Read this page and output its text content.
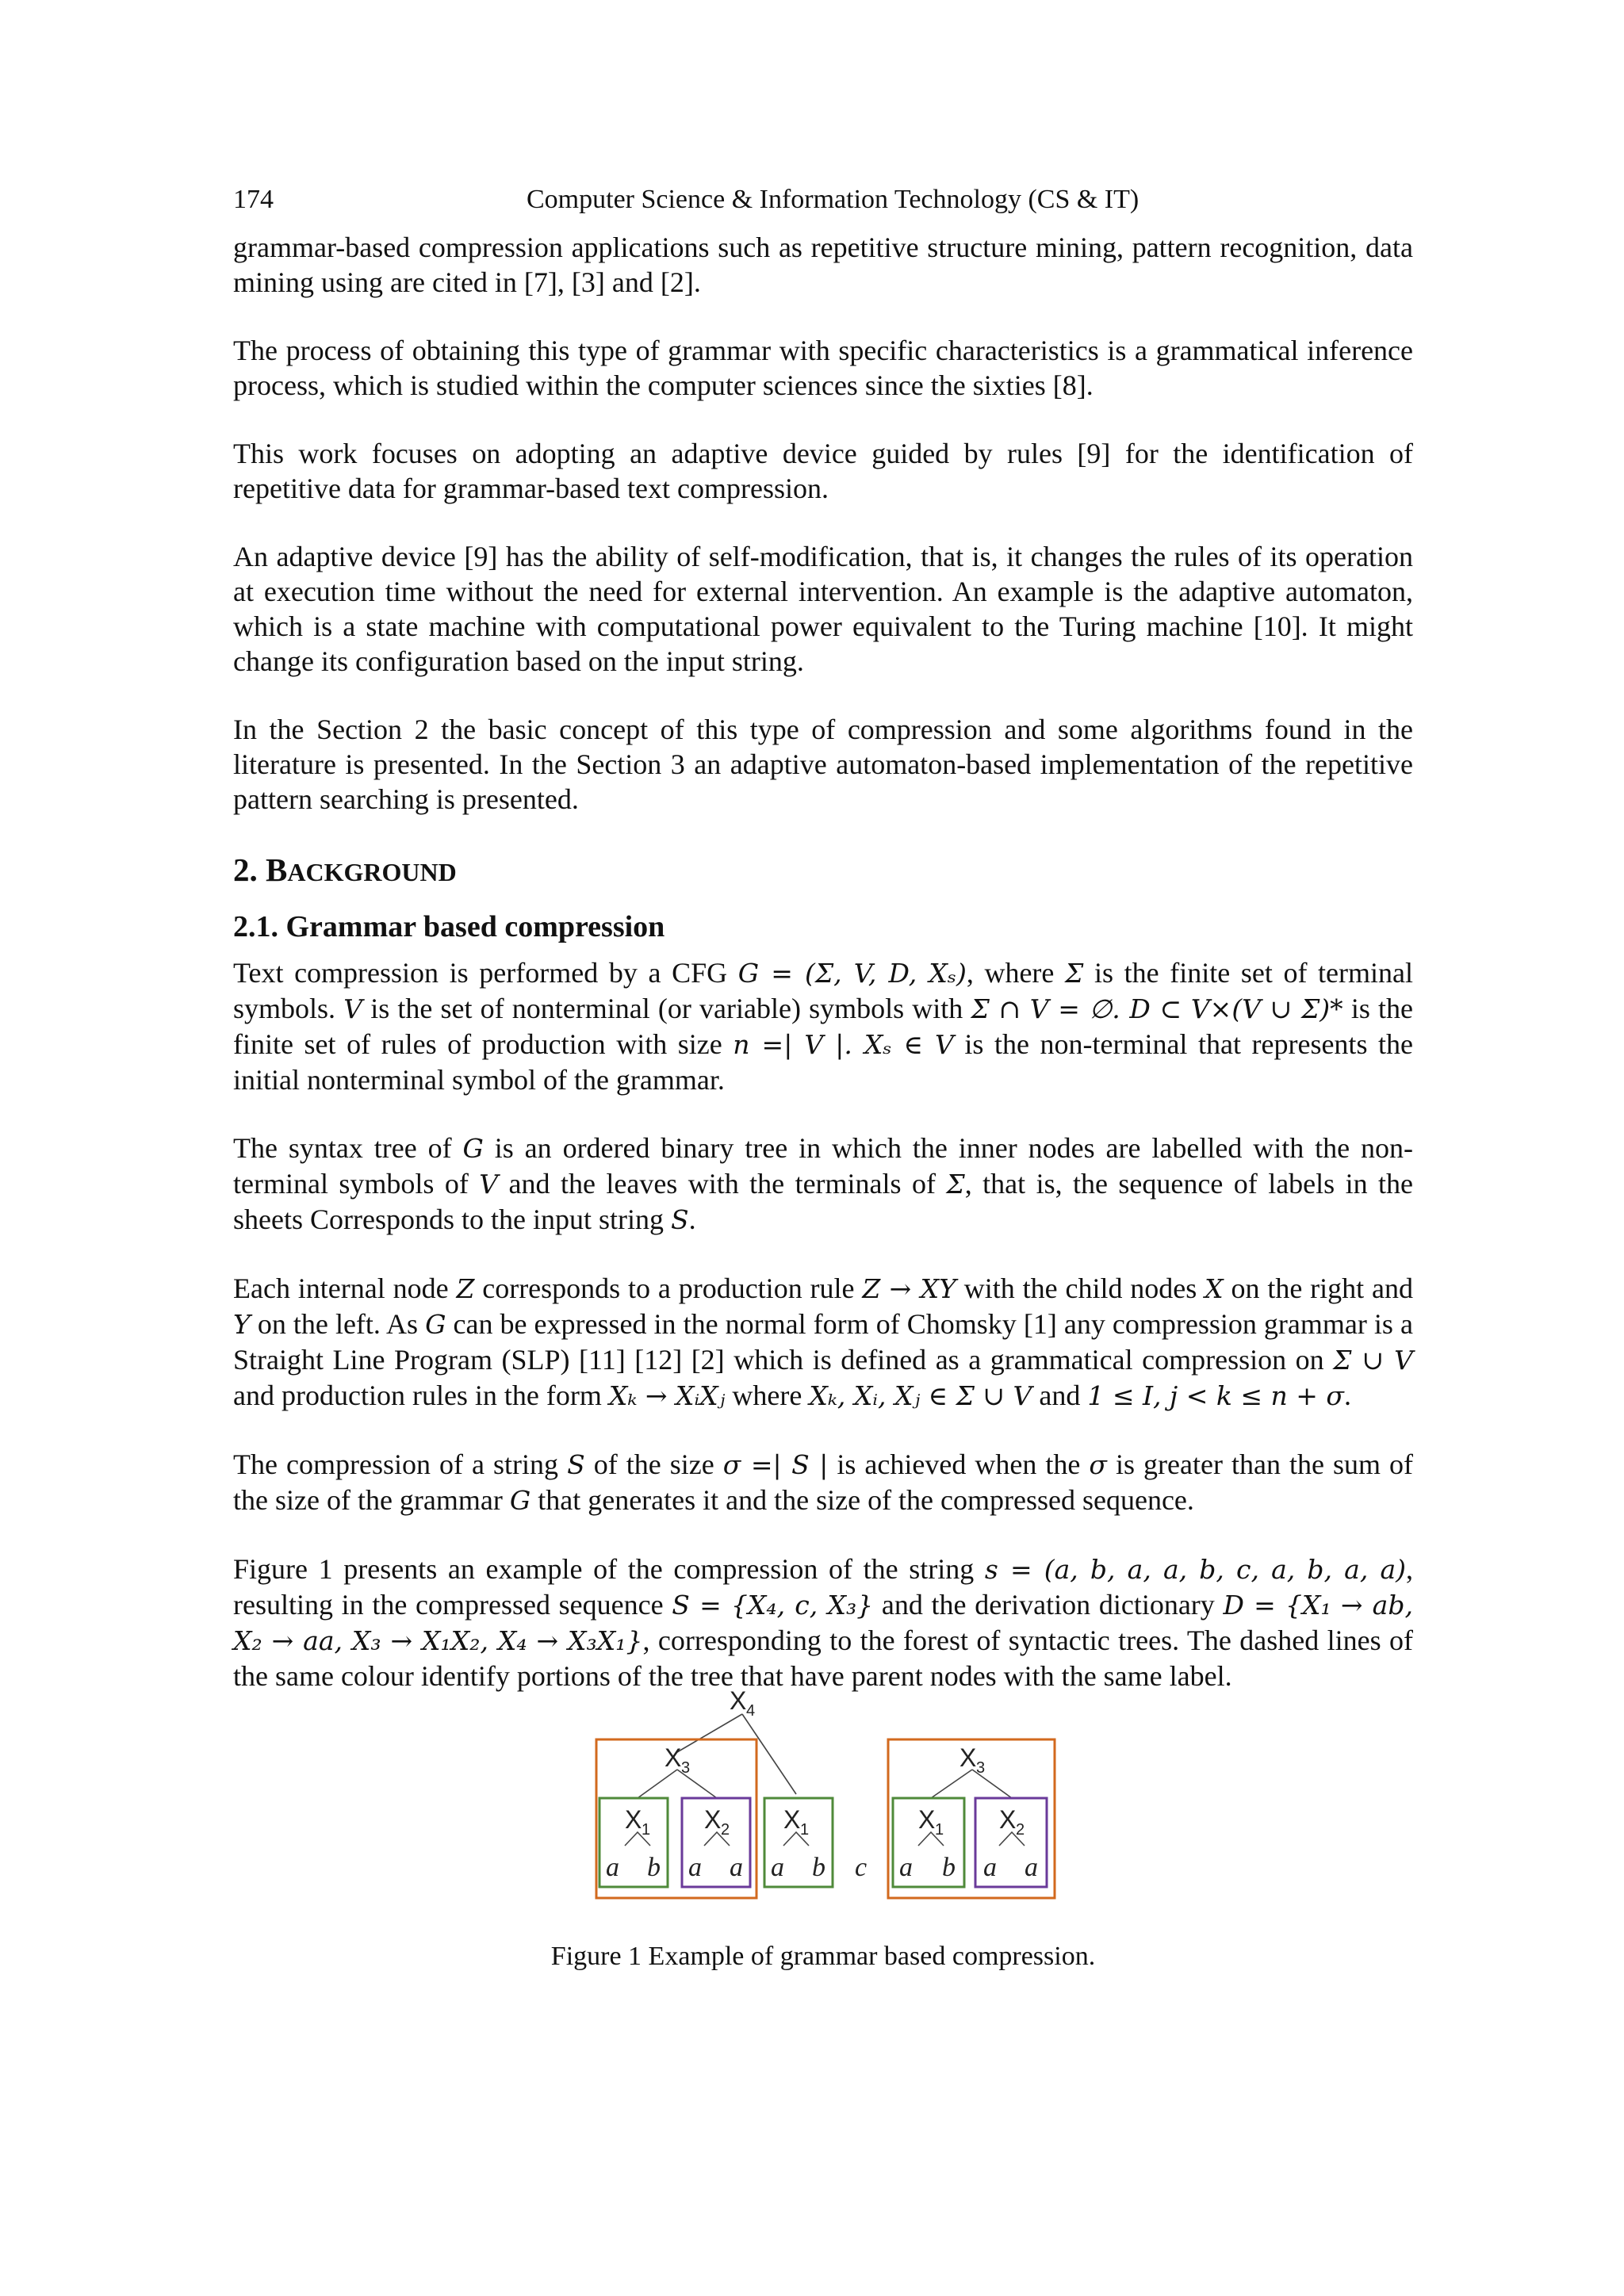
174	Computer Science & Information Technology (CS & IT)

grammar-based compression applications such as repetitive structure mining, pattern recognition, data mining using are cited in [7], [3] and [2].

The process of obtaining this type of grammar with specific characteristics is a grammatical inference process, which is studied within the computer sciences since the sixties [8].

This work focuses on adopting an adaptive device guided by rules [9] for the identification of repetitive data for grammar-based text compression.

An adaptive device [9] has the ability of self-modification, that is, it changes the rules of its operation at execution time without the need for external intervention. An example is the adaptive automaton, which is a state machine with computational power equivalent to the Turing machine [10]. It might change its configuration based on the input string.

In the Section 2 the basic concept of this type of compression and some algorithms found in the literature is presented. In the Section 3 an adaptive automaton-based implementation of the repetitive pattern searching is presented.

2. BACKGROUND
2.1. Grammar based compression

Text compression is performed by a CFG G = (Σ, V, D, Xₛ), where Σ is the finite set of terminal symbols. V is the set of nonterminal (or variable) symbols with Σ ∩ V = ∅. D ⊂ V×(V ∪ Σ)* is the finite set of rules of production with size n =| V |. Xₛ ∈ V is the non-terminal that represents the initial nonterminal symbol of the grammar.

The syntax tree of G is an ordered binary tree in which the inner nodes are labelled with the non-terminal symbols of V and the leaves with the terminals of Σ, that is, the sequence of labels in the sheets Corresponds to the input string S.

Each internal node Z corresponds to a production rule Z → XY with the child nodes X on the right and Y on the left. As G can be expressed in the normal form of Chomsky [1] any compression grammar is a Straight Line Program (SLP) [11] [12] [2] which is defined as a grammatical compression on Σ ∪ V and production rules in the form Xₖ → XᵢXⱼ where Xₖ, Xᵢ, Xⱼ ∈ Σ ∪ V and 1 ≤ I, j < k ≤ n + σ.

The compression of a string S of the size σ =| S | is achieved when the σ is greater than the sum of the size of the grammar G that generates it and the size of the compressed sequence.

Figure 1 presents an example of the compression of the string s = (a, b, a, a, b, c, a, b, a, a), resulting in the compressed sequence S = {X₄, c, X₃} and the derivation dictionary D = {X₁ → ab, X₂ → aa, X₃ → X₁X₂, X₄ → X₃X₁}, corresponding to the forest of syntactic trees. The dashed lines of the same colour identify portions of the tree that have parent nodes with the same label.

X 4
X 3
X 1 X 2 X 1
X 3
X 1 X 2
a b a a a b c a b a a
Figure 1 Example of grammar based compression.
